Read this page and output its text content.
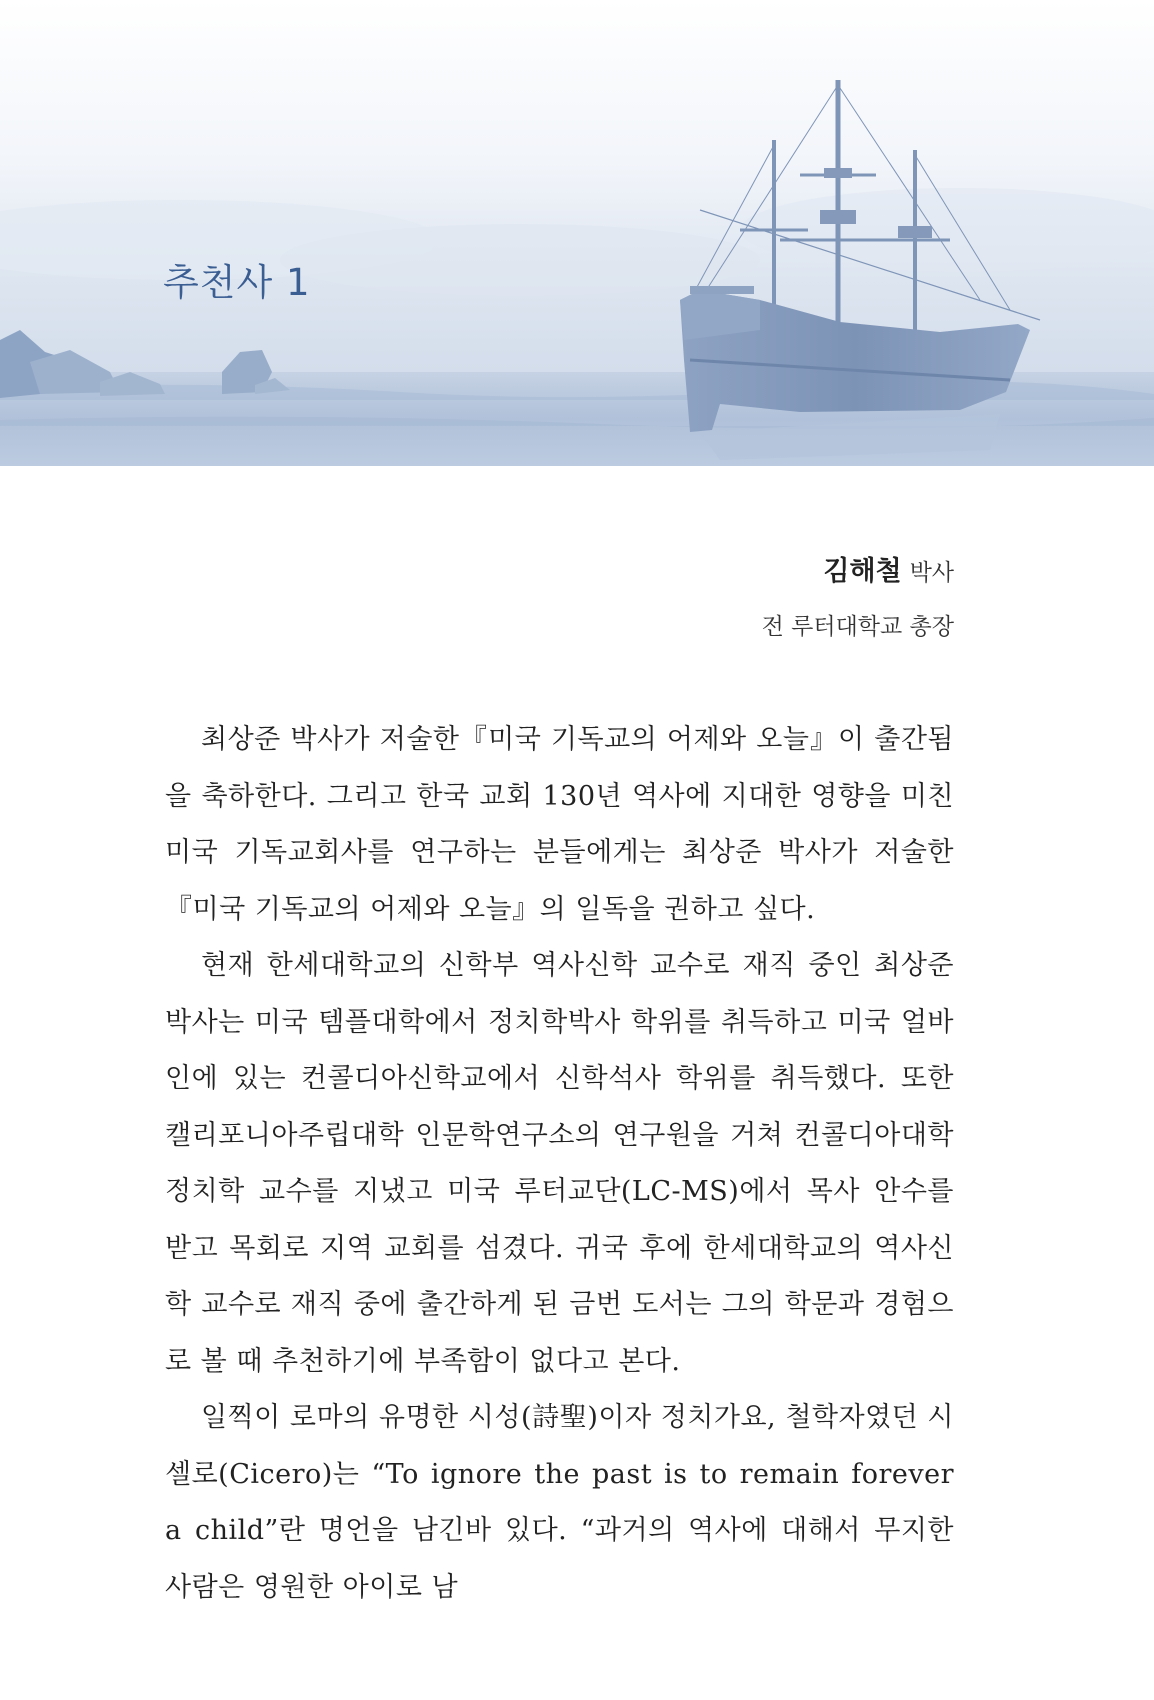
추천사 1

김해철 박사

전 루터대학교 총장

최상준 박사가 저술한『미국 기독교의 어제와 오늘』이 출간됨을 축하한다. 그리고 한국 교회 130년 역사에 지대한 영향을 미친 미국 기독교회사를 연구하는 분들에게는 최상준 박사가 저술한『미국 기독교의 어제와 오늘』의 일독을 권하고 싶다.

현재 한세대학교의 신학부 역사신학 교수로 재직 중인 최상준 박사는 미국 템플대학에서 정치학박사 학위를 취득하고 미국 얼바인에 있는 컨콜디아신학교에서 신학석사 학위를 취득했다. 또한 캘리포니아주립대학 인문학연구소의 연구원을 거쳐 컨콜디아대학 정치학 교수를 지냈고 미국 루터교단(LC-MS)에서 목사 안수를 받고 목회로 지역 교회를 섬겼다. 귀국 후에 한세대학교의 역사신학 교수로 재직 중에 출간하게 된 금번 도서는 그의 학문과 경험으로 볼 때 추천하기에 부족함이 없다고 본다.

일찍이 로마의 유명한 시성(詩聖)이자 정치가요, 철학자였던 시셀로(Cicero)는 “To ignore the past is to remain forever a child”란 명언을 남긴바 있다. “과거의 역사에 대해서 무지한 사람은 영원한 아이로 남
